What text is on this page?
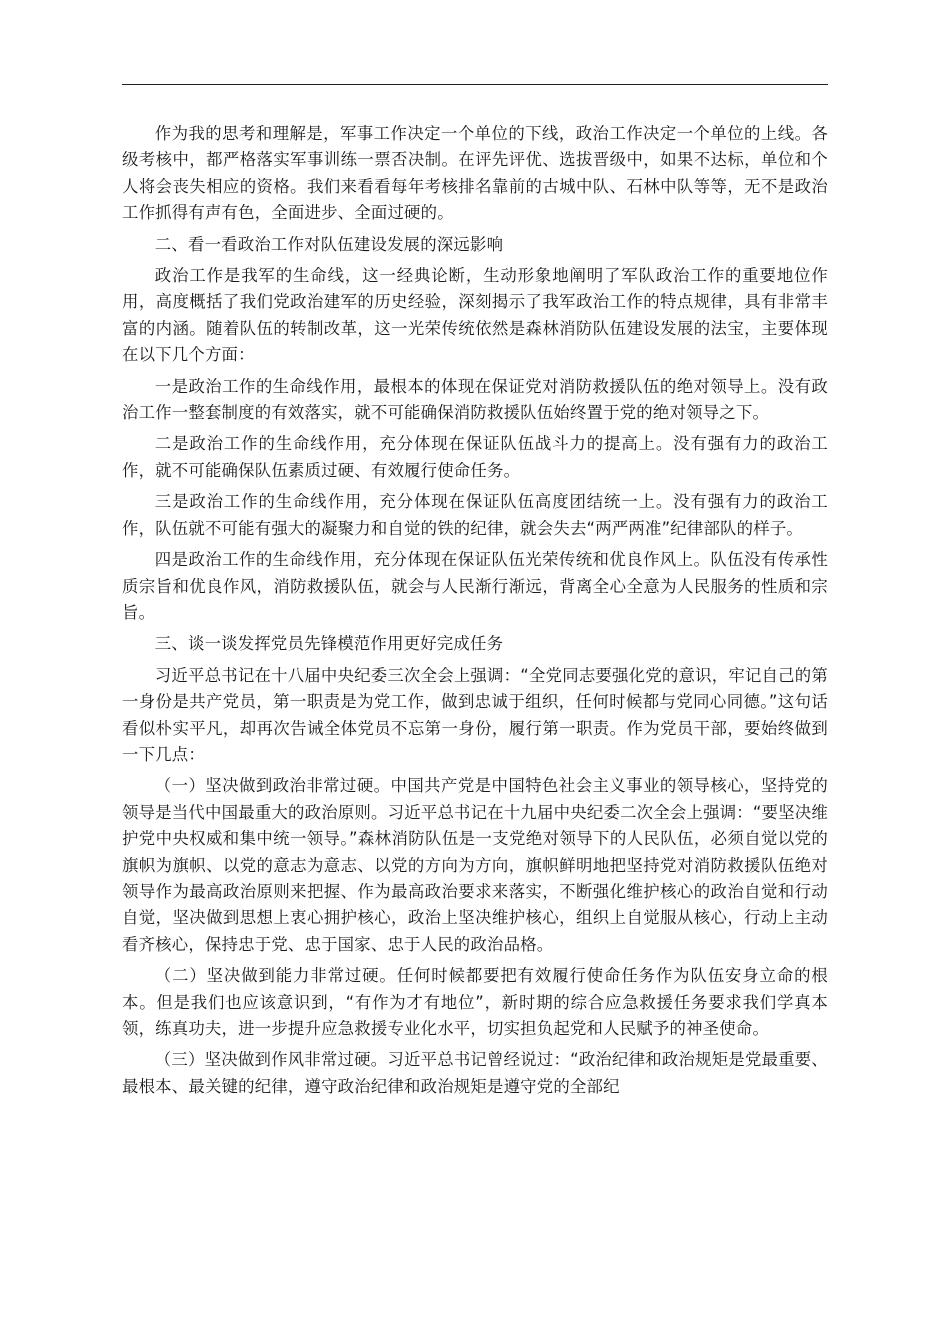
作为我的思考和理解是，军事工作决定一个单位的下线，政治工作决定一个单位的上线。各级考核中，都严格落实军事训练一票否决制。在评先评优、选拔晋级中，如果不达标，单位和个人将会丧失相应的资格。我们来看看每年考核排名靠前的古城中队、石林中队等等，无不是政治工作抓得有声有色，全面进步、全面过硬的。

二、看一看政治工作对队伍建设发展的深远影响

政治工作是我军的生命线，这一经典论断，生动形象地阐明了军队政治工作的重要地位作用，高度概括了我们党政治建军的历史经验，深刻揭示了我军政治工作的特点规律，具有非常丰富的内涵。随着队伍的转制改革，这一光荣传统依然是森林消防队伍建设发展的法宝，主要体现在以下几个方面：

一是政治工作的生命线作用，最根本的体现在保证党对消防救援队伍的绝对领导上。没有政治工作一整套制度的有效落实，就不可能确保消防救援队伍始终置于党的绝对领导之下。

二是政治工作的生命线作用，充分体现在保证队伍战斗力的提高上。没有强有力的政治工作，就不可能确保队伍素质过硬、有效履行使命任务。

三是政治工作的生命线作用，充分体现在保证队伍高度团结统一上。没有强有力的政治工作，队伍就不可能有强大的凝聚力和自觉的铁的纪律，就会失去“两严两准”纪律部队的样子。

四是政治工作的生命线作用，充分体现在保证队伍光荣传统和优良作风上。队伍没有传承性质宗旨和优良作风，消防救援队伍，就会与人民渐行渐远，背离全心全意为人民服务的性质和宗旨。

三、谈一谈发挥党员先锋模范作用更好完成任务

习近平总书记在十八届中央纪委三次全会上强调：“全党同志要强化党的意识，牢记自己的第一身份是共产党员，第一职责是为党工作，做到忠诚于组织，任何时候都与党同心同德。”这句话看似朴实平凡，却再次告诫全体党员不忘第一身份，履行第一职责。作为党员干部，要始终做到一下几点：

（一）坚决做到政治非常过硬。中国共产党是中国特色社会主义事业的领导核心，坚持党的领导是当代中国最重大的政治原则。习近平总书记在十九届中央纪委二次全会上强调：“要坚决维护党中央权威和集中统一领导。”森林消防队伍是一支党绝对领导下的人民队伍，必须自觉以党的旗帜为旗帜、以党的意志为意志、以党的方向为方向，旗帜鲜明地把坚持党对消防救援队伍绝对领导作为最高政治原则来把握、作为最高政治要求来落实，不断强化维护核心的政治自觉和行动自觉，坚决做到思想上衷心拥护核心，政治上坚决维护核心，组织上自觉服从核心，行动上主动看齐核心，保持忠于党、忠于国家、忠于人民的政治品格。

（二）坚决做到能力非常过硬。任何时候都要把有效履行使命任务作为队伍安身立命的根本。但是我们也应该意识到，“有作为才有地位”，新时期的综合应急救援任务要求我们学真本领，练真功夫，进一步提升应急救援专业化水平，切实担负起党和人民赋予的神圣使命。

（三）坚决做到作风非常过硬。习近平总书记曾经说过：“政治纪律和政治规矩是党最重要、最根本、最关键的纪律，遵守政治纪律和政治规矩是遵守党的全部纪
